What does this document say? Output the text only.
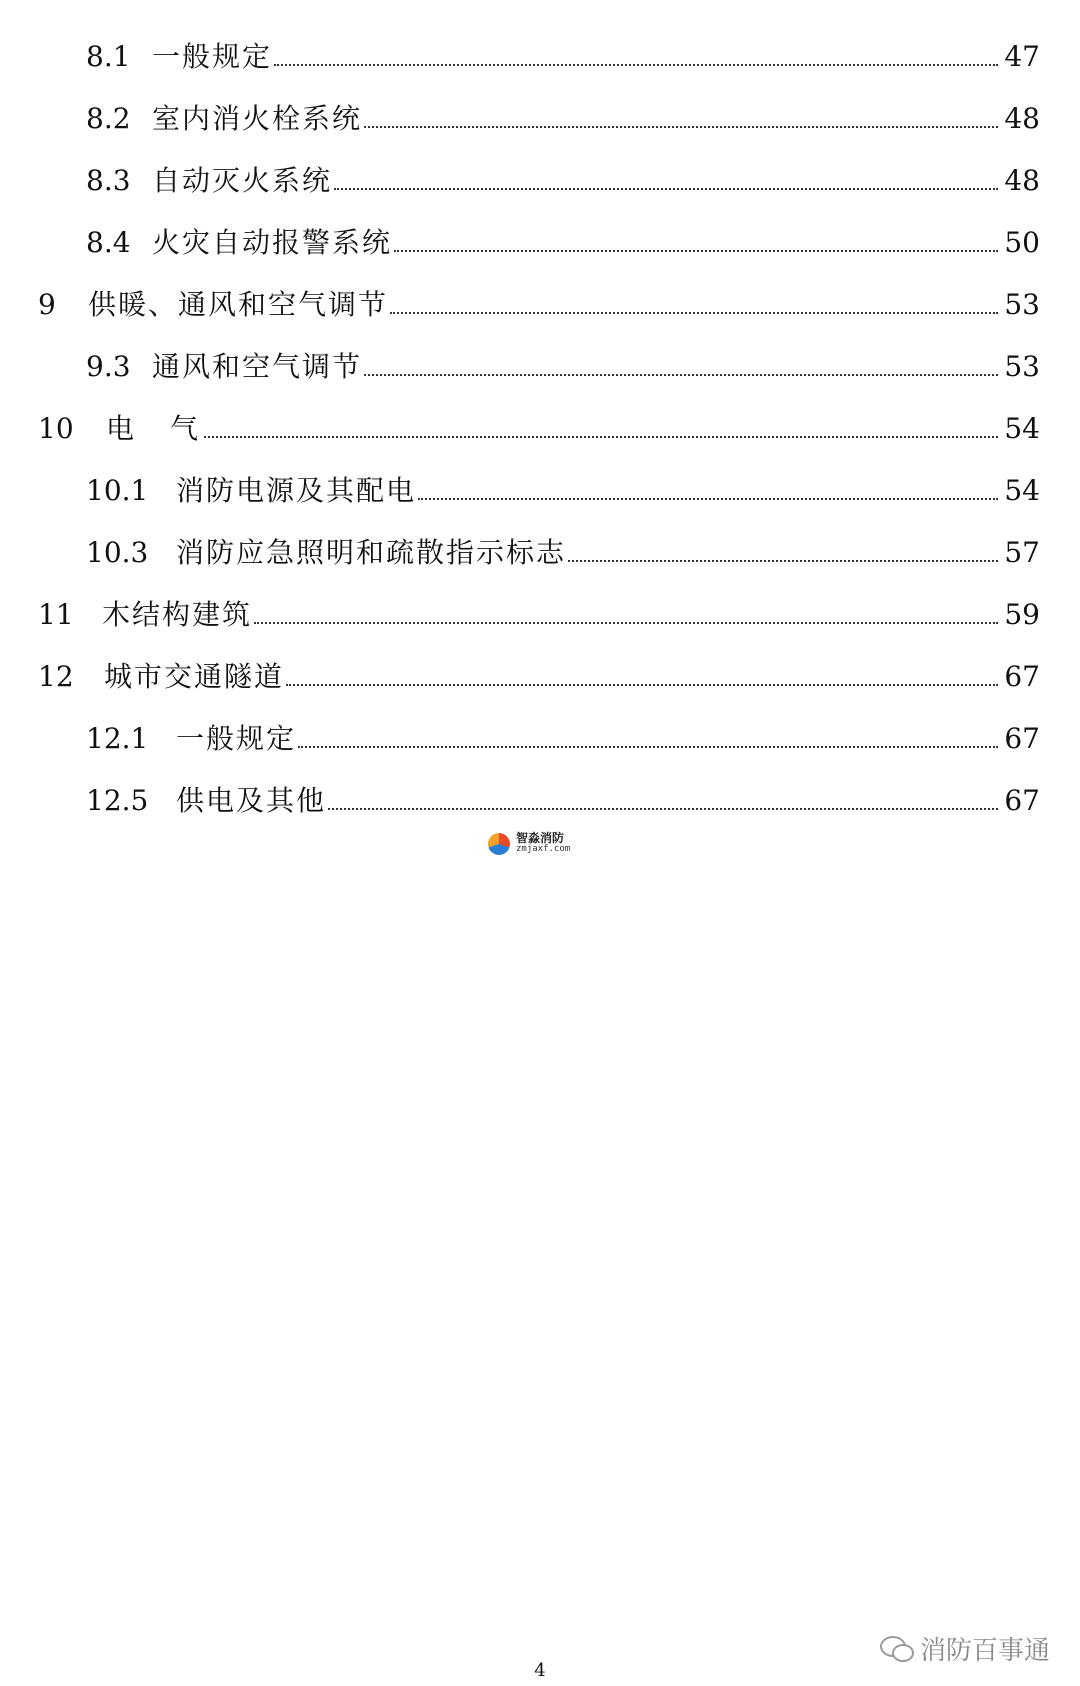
8.1 一般规定	47
8.2 室内消火栓系统	48
8.3 自动灭火系统	48
8.4 火灾自动报警系统	50
9	供暖、通风和空气调节	53
9.3 通风和空气调节	53
10	电　气	54
10.1 消防电源及其配电	54
10.3 消防应急照明和疏散指示标志	57
11	木结构建筑	59
12	城市交通隧道	67
12.1 一般规定	67
12.5 供电及其他	67
智淼消防
zmjaxf.com
消防百事通
4
